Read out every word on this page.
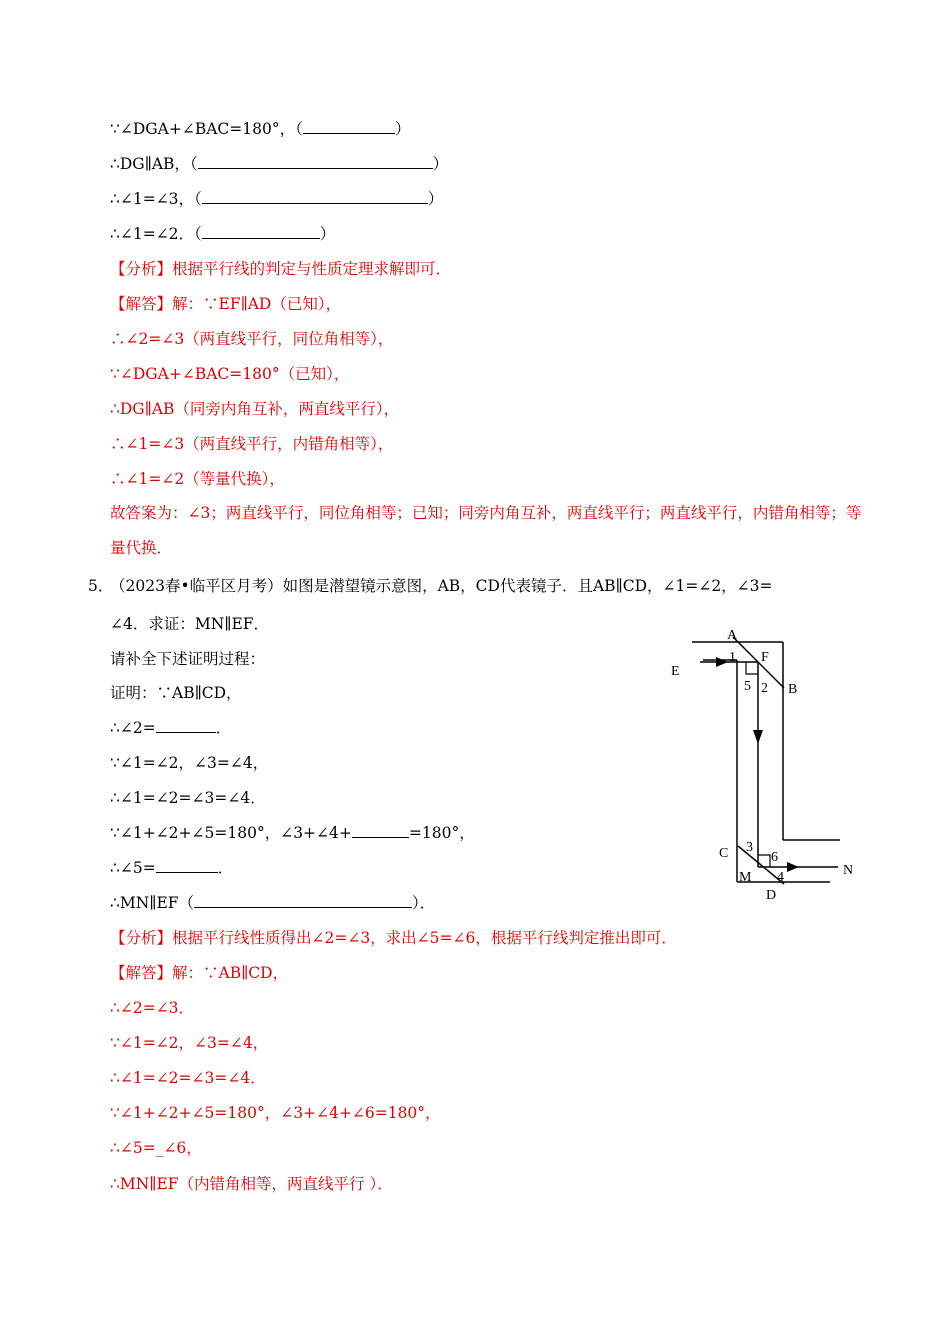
∵∠DGA+∠BAC=180°，（	）
∴DG∥AB，（	）
∴∠1=∠3，（	）
∴∠1=∠2．（	）
【分析】根据平行线的判定与性质定理求解即可．
【解答】解：∵EF∥AD（已知），
∴∠2=∠3（两直线平行，同位角相等），
∵∠DGA+∠BAC=180°（已知），
∴DG∥AB（同旁内角互补，两直线平行），
∴∠1=∠3（两直线平行，内错角相等），
∴∠1=∠2（等量代换），
故答案为：∠3；两直线平行，同位角相等；已知；同旁内角互补，两直线平行；两直线平行，内错角相等；等量代换．
5．
（2023春•临平区月考）如图是潜望镜示意图，AB，CD代表镜子．且AB∥CD，∠1=∠2，∠3=
∠4．求证：MN∥EF．
请补全下述证明过程：
证明：∵AB∥CD，
∴∠2=	．
∵∠1=∠2，∠3=∠4，
∴∠1=∠2=∠3=∠4．
∵∠1+∠2+∠5=180°，∠3+∠4+	=180°，
∴∠5=	．
∴MN∥EF（	）．
【分析】根据平行线性质得出∠2=∠3，求出∠5=∠6，根据平行线判定推出即可．
【解答】解：∵AB∥CD，
∴∠2=∠3．
∵∠1=∠2，∠3=∠4，
∴∠1=∠2=∠3=∠4．
∵∠1+∠2+∠5=180°，∠3+∠4+∠6=180°，
∴∠5=_∠6，
∴MN∥EF（内错角相等，两直线平行 ）．
A
B
C
D
E
F
M	N
1
2
3
4
5
6
